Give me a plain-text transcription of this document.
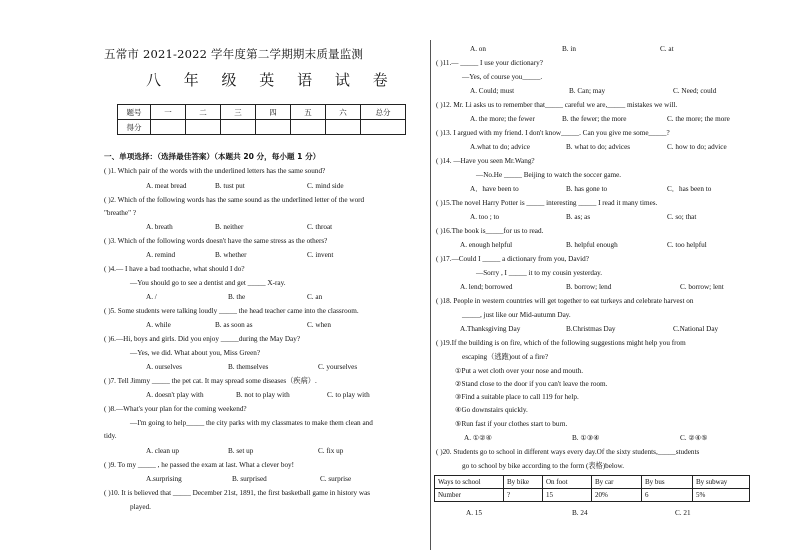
五常市 2021-2022 学年度第二学期期末质量监测
八 年 级 英 语 试 卷
题号	一	二	三	四	五	六	总分
得分							
一、单项选择：（选择最佳答案）（本题共 20 分，每小题 1 分）
( )1. Which pair of the words with the underlined letters has the same sound?
A. meat bread	B. tust put	C. mind side
( )2. Which of the following words has the same sound as the underlined letter of the word
"breathe" ?
A. breath	B. neither	C. throat
( )3. Which of the following words doesn't have the same stress as the others?
A. remind	B. whether	C. invent
( )4.— I have a bad toothache, what should I do?
—You should go to see a dentist and get _____ X-ray.
A. /	B. the	C. an
( )5. Some students were talking loudly _____ the head teacher came into the classroom.
A. while	B. as soon as	C. when
( )6.—Hi, boys and girls. Did you enjoy _____during the May Day?
—Yes, we did. What about you, Miss Green?
A. ourselves	B. themselves	C. yourselves
( )7. Tell Jimmy _____ the pet cat. It may spread some diseases（疾病）.
A. doesn't play with	B. not to play with	C. to play with
( )8.—What's your plan for the coming weekend?
—I'm going to help_____ the city parks with my classmates to make them clean and
tidy.
A. clean up	B. set up	C. fix up
( )9. To my _____ , he passed the exam at last. What a clever boy!
A.surprising	B. surprised	C. surprise
( )10. It is believed that _____ December 21st, 1891, the first basketball game in history was
played.
A. on	B. in	C. at
( )11.— _____ I use your dictionary?
—Yes, of course you_____.
A. Could; must	B. Can; may	C. Need; could
( )12. Mr. Li asks us to remember that_____ careful we are,_____ mistakes we will.
A. the more; the fewer	B. the fewer; the more	C. the more; the more
( )13. I argued with my friend. I don't know_____. Can you give me some_____?
A.what to do; advice	B. what to do; advices	C. how to do; advice
( )14. —Have you seen Mr.Wang?
—No.He _____ Beijing to watch the soccer game.
A．have been to	B. has gone to	C．has been to
( )15.The novel Harry Potter is _____ interesting _____ I read it many times.
A. too ; to	B. as; as	C. so; that
( )16.The book is_____for us to read.
A. enough helpful	B. helpful enough	C. too helpful
( )17.—Could I _____ a dictionary from you, David?
—Sorry , I _____ it to my cousin yesterday.
A. lend; borrowed	B. borrow; lend	C. borrow; lent
( )18. People in western countries will get together to eat turkeys and celebrate harvest on
_____, just like our Mid-autumn Day.
A.Thanksgiving Day	B.Christmas Day	C.National Day
( )19.If the building is on fire, which of the following suggestions might help you from
escaping（逃跑)out of a fire?
①Put a wet cloth over your nose and mouth.
②Stand close to the door if you can't leave the room.
③Find a suitable place to call 119 for help.
④Go downstairs quickly.
⑤Run fast if your clothes start to burn.
A. ①②④	B. ①③④	C. ②④⑤
( )20. Students go to school in different ways every day.Of the sixty students,_____students
go to school by bike according to the form (表格)below.
Ways to school	By bike	On foot	By car	By bus	By subway
Number	?	15	20%	6	5%
A. 15	B. 24	C. 21
